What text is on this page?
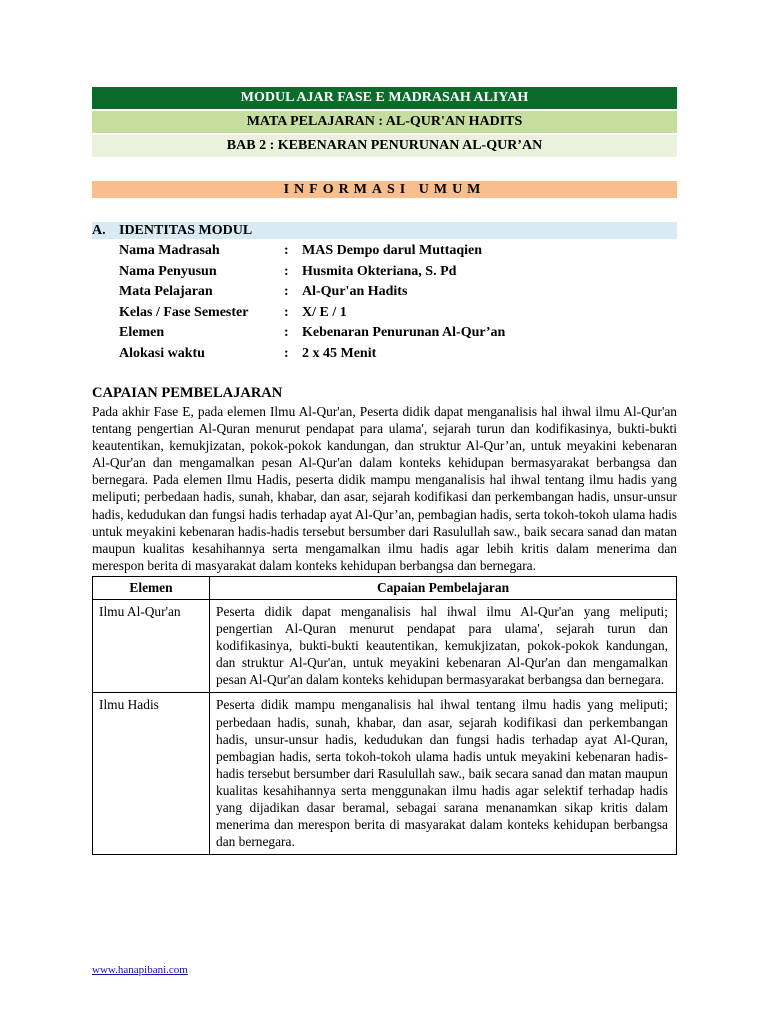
MODUL AJAR FASE E MADRASAH ALIYAH
MATA PELAJARAN : AL-QUR'AN HADITS
BAB 2 : KEBENARAN PENURUNAN AL-QUR’AN
INFORMASI UMUM
A. IDENTITAS MODUL
Nama Madrasah	: MAS Dempo darul Muttaqien
Nama Penyusun	: Husmita Okteriana, S. Pd
Mata Pelajaran	: Al-Qur'an Hadits
Kelas / Fase Semester	: X/ E / 1
Elemen	: Kebenaran Penurunan Al-Qur’an
Alokasi waktu	: 2 x 45 Menit
CAPAIAN PEMBELAJARAN

Pada akhir Fase E, pada elemen Ilmu Al-Qur'an, Peserta didik dapat menganalisis hal ihwal ilmu Al-Qur'an tentang pengertian Al-Quran menurut pendapat para ulama', sejarah turun dan kodifikasinya, bukti-bukti keautentikan, kemukjizatan, pokok-pokok kandungan, dan struktur Al-Qur’an, untuk meyakini kebenaran Al-Qur'an dan mengamalkan pesan Al-Qur'an dalam konteks kehidupan bermasyarakat berbangsa dan bernegara. Pada elemen Ilmu Hadis, peserta didik mampu menganalisis hal ihwal tentang ilmu hadis yang meliputi; perbedaan hadis, sunah, khabar, dan asar, sejarah kodifikasi dan perkembangan hadis, unsur-unsur hadis, kedudukan dan fungsi hadis terhadap ayat Al-Qur’an, pembagian hadis, serta tokoh-tokoh ulama hadis untuk meyakini kebenaran hadis-hadis tersebut bersumber dari Rasulullah saw., baik secara sanad dan matan maupun kualitas kesahihannya serta mengamalkan ilmu hadis agar lebih kritis dalam menerima dan merespon berita di masyarakat dalam konteks kehidupan berbangsa dan bernegara.

Elemen	Capaian Pembelajaran
Ilmu Al-Qur'an	Peserta didik dapat menganalisis hal ihwal ilmu Al-Qur'an yang meliputi; pengertian Al-Quran menurut pendapat para ulama', sejarah turun dan kodifikasinya, bukti-bukti keautentikan, kemukjizatan, pokok-pokok kandungan, dan struktur Al-Qur'an, untuk meyakini kebenaran Al-Qur'an dan mengamalkan pesan Al-Qur'an dalam konteks kehidupan bermasyarakat berbangsa dan bernegara.
Ilmu Hadis	Peserta didik mampu menganalisis hal ihwal tentang ilmu hadis yang meliputi; perbedaan hadis, sunah, khabar, dan asar, sejarah kodifikasi dan perkembangan hadis, unsur-unsur hadis, kedudukan dan fungsi hadis terhadap ayat Al-Quran, pembagian hadis, serta tokoh-tokoh ulama hadis untuk meyakini kebenaran hadis-hadis tersebut bersumber dari Rasulullah saw., baik secara sanad dan matan maupun kualitas kesahihannya serta menggunakan ilmu hadis agar selektif terhadap hadis yang dijadikan dasar beramal, sebagai sarana menanamkan sikap kritis dalam menerima dan merespon berita di masyarakat dalam konteks kehidupan berbangsa dan bernegara.
www.hanapibani.com
